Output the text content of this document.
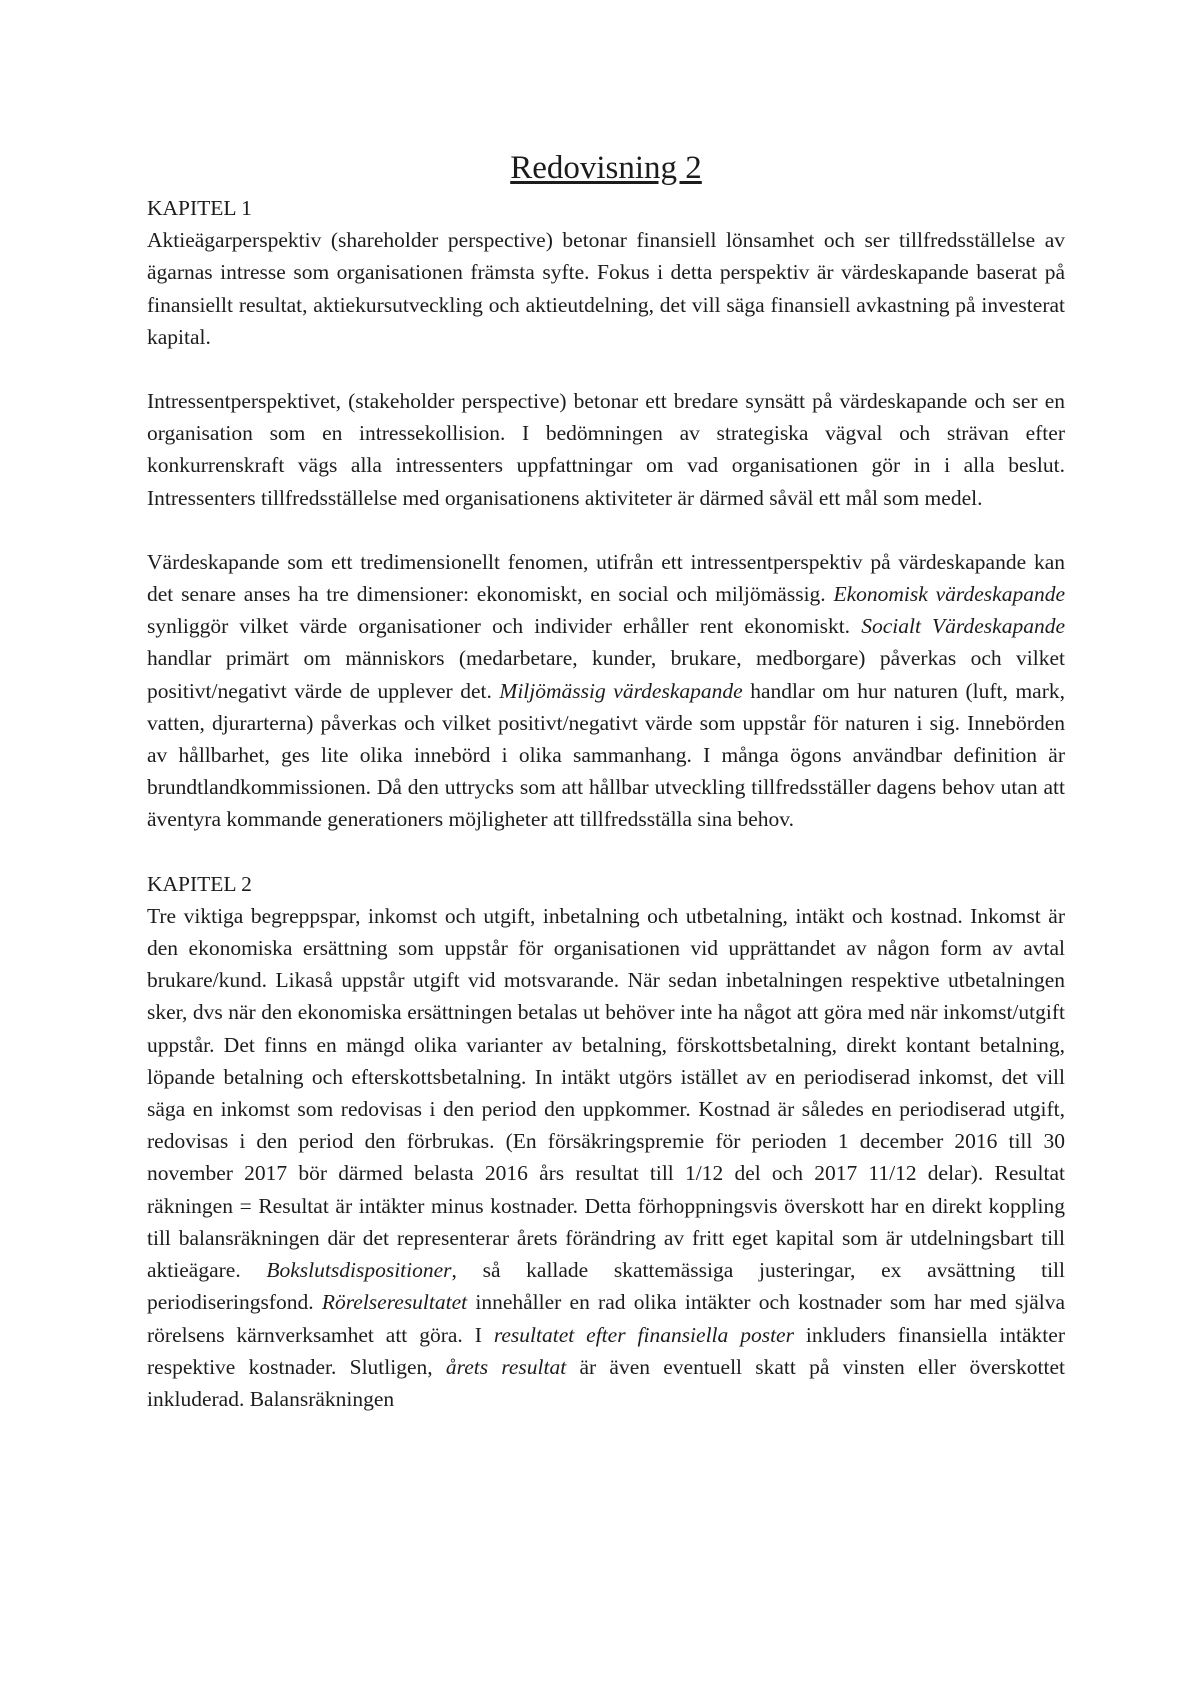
Redovisning 2
KAPITEL 1

Aktieägarperspektiv (shareholder perspective) betonar finansiell lönsamhet och ser tillfredsställelse av ägarnas intresse som organisationen främsta syfte. Fokus i detta perspektiv är värdeskapande baserat på finansiellt resultat, aktiekursutveckling och aktieutdelning, det vill säga finansiell avkastning på investerat kapital.

Intressentperspektivet, (stakeholder perspective) betonar ett bredare synsätt på värdeskapande och ser en organisation som en intressekollision. I bedömningen av strategiska vägval och strävan efter konkurrenskraft vägs alla intressenters uppfattningar om vad organisationen gör in i alla beslut. Intressenters tillfredsställelse med organisationens aktiviteter är därmed såväl ett mål som medel.

Värdeskapande som ett tredimensionellt fenomen, utifrån ett intressentperspektiv på värdeskapande kan det senare anses ha tre dimensioner: ekonomiskt, en social och miljömässig. Ekonomisk värdeskapande synliggör vilket värde organisationer och individer erhåller rent ekonomiskt. Socialt Värdeskapande handlar primärt om människors (medarbetare, kunder, brukare, medborgare) påverkas och vilket positivt/negativt värde de upplever det. Miljömässig värdeskapande handlar om hur naturen (luft, mark, vatten, djurarterna) påverkas och vilket positivt/negativt värde som uppstår för naturen i sig. Innebörden av hållbarhet, ges lite olika innebörd i olika sammanhang. I många ögons användbar definition är brundtlandkommissionen. Då den uttrycks som att hållbar utveckling tillfredsställer dagens behov utan att äventyra kommande generationers möjligheter att tillfredsställa sina behov.

KAPITEL 2

Tre viktiga begreppspar, inkomst och utgift, inbetalning och utbetalning, intäkt och kostnad. Inkomst är den ekonomiska ersättning som uppstår för organisationen vid upprättandet av någon form av avtal brukare/kund. Likaså uppstår utgift vid motsvarande. När sedan inbetalningen respektive utbetalningen sker, dvs när den ekonomiska ersättningen betalas ut behöver inte ha något att göra med när inkomst/utgift uppstår. Det finns en mängd olika varianter av betalning, förskottsbetalning, direkt kontant betalning, löpande betalning och efterskottsbetalning. In intäkt utgörs istället av en periodiserad inkomst, det vill säga en inkomst som redovisas i den period den uppkommer. Kostnad är således en periodiserad utgift, redovisas i den period den förbrukas. (En försäkringspremie för perioden 1 december 2016 till 30 november 2017 bör därmed belasta 2016 års resultat till 1/12 del och 2017 11/12 delar). Resultat räkningen = Resultat är intäkter minus kostnader. Detta förhoppningsvis överskott har en direkt koppling till balansräkningen där det representerar årets förändring av fritt eget kapital som är utdelningsbart till aktieägare. Bokslutsdispositioner, så kallade skattemässiga justeringar, ex avsättning till periodiseringsfond. Rörelseresultatet innehåller en rad olika intäkter och kostnader som har med själva rörelsens kärnverksamhet att göra. I resultatet efter finansiella poster inkluders finansiella intäkter respektive kostnader. Slutligen, årets resultat är även eventuell skatt på vinsten eller överskottet inkluderad. Balansräkningen
